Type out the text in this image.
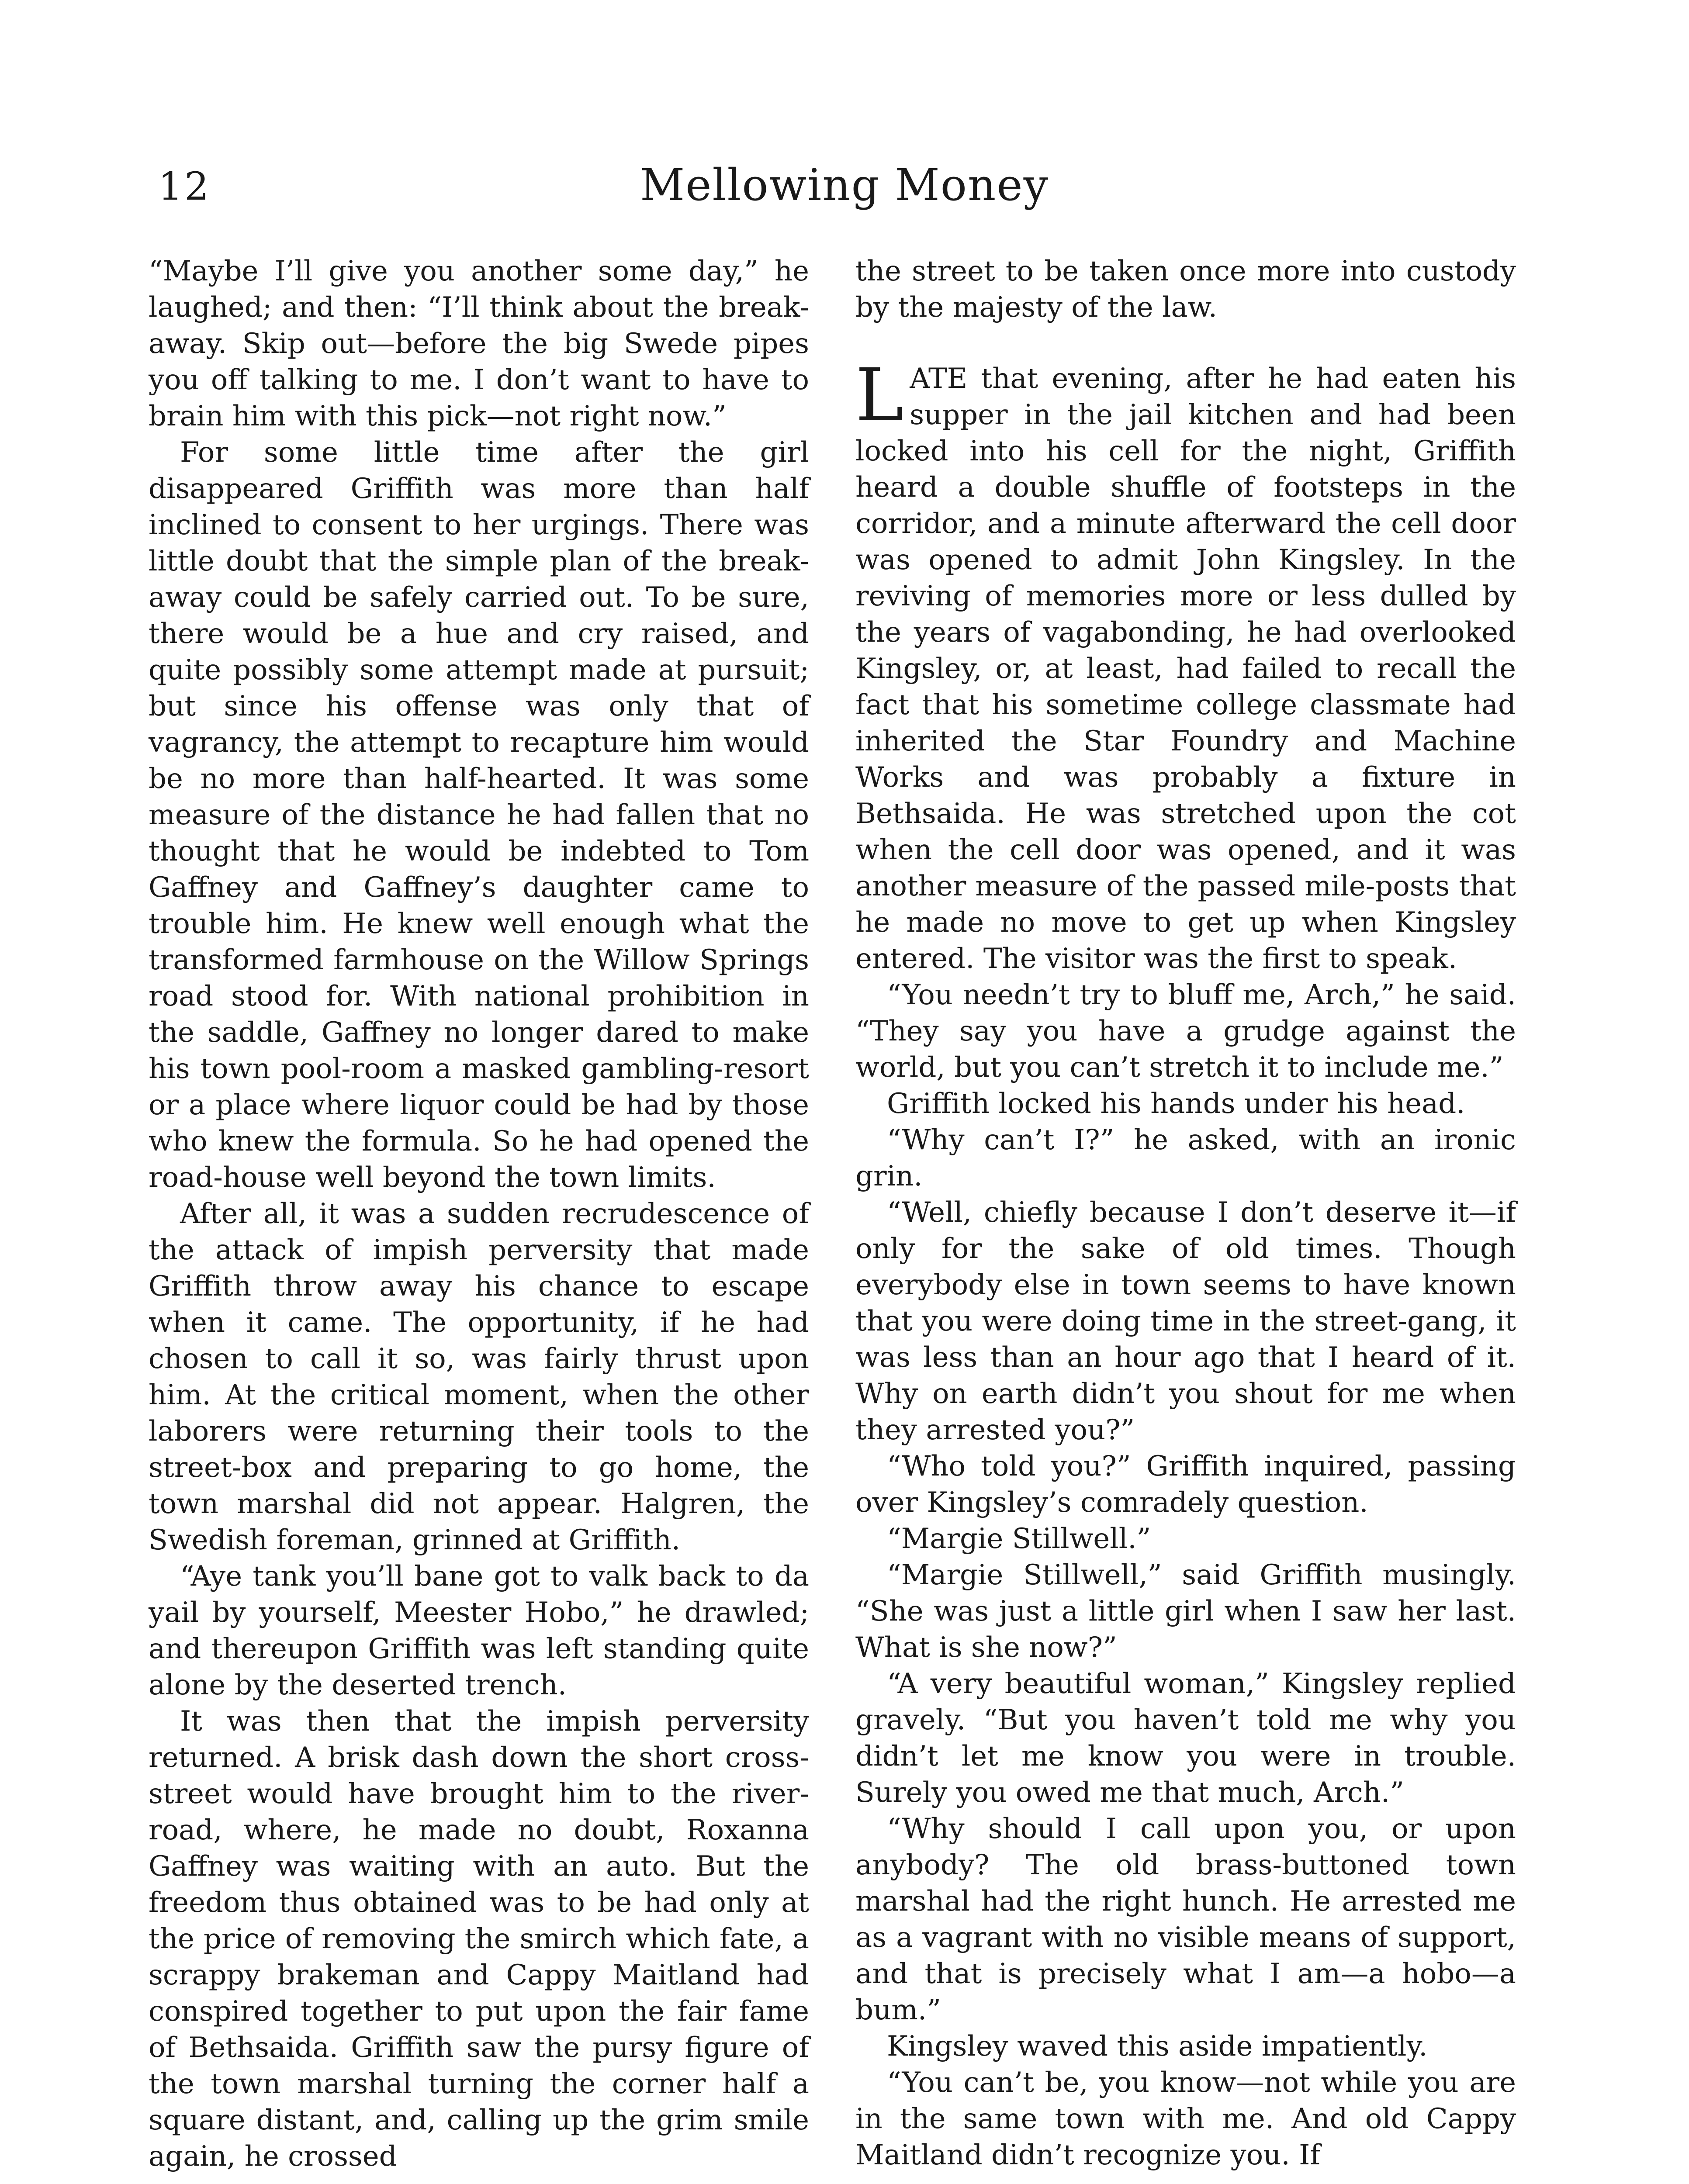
12	Mellowing Money

“Maybe I’ll give you another some day,” he laughed; and then: “I’ll think about the break-away. Skip out—before the big Swede pipes you off talking to me. I don’t want to have to brain him with this pick—not right now.”

For some little time after the girl disappeared Griffith was more than half inclined to consent to her urgings. There was little doubt that the simple plan of the break-away could be safely carried out. To be sure, there would be a hue and cry raised, and quite possibly some attempt made at pursuit; but since his offense was only that of vagrancy, the attempt to recapture him would be no more than half-hearted. It was some measure of the distance he had fallen that no thought that he would be indebted to Tom Gaffney and Gaffney’s daughter came to trouble him. He knew well enough what the transformed farmhouse on the Willow Springs road stood for. With national prohibition in the saddle, Gaffney no longer dared to make his town pool-room a masked gambling-resort or a place where liquor could be had by those who knew the formula. So he had opened the road-house well beyond the town limits.

After all, it was a sudden recrudescence of the attack of impish perversity that made Griffith throw away his chance to escape when it came. The opportunity, if he had chosen to call it so, was fairly thrust upon him. At the critical moment, when the other laborers were returning their tools to the street-box and preparing to go home, the town marshal did not appear. Halgren, the Swedish foreman, grinned at Griffith.

“Aye tank you’ll bane got to valk back to da yail by yourself, Meester Hobo,” he drawled; and thereupon Griffith was left standing quite alone by the deserted trench.

It was then that the impish perversity returned. A brisk dash down the short cross-street would have brought him to the river-road, where, he made no doubt, Roxanna Gaffney was waiting with an auto. But the freedom thus obtained was to be had only at the price of removing the smirch which fate, a scrappy brakeman and Cappy Maitland had conspired together to put upon the fair fame of Bethsaida. Griffith saw the pursy figure of the town marshal turning the corner half a square distant, and, calling up the grim smile again, he crossed

the street to be taken once more into custody by the majesty of the law.

LATE that evening, after he had eaten his supper in the jail kitchen and had been locked into his cell for the night, Griffith heard a double shuffle of footsteps in the corridor, and a minute afterward the cell door was opened to admit John Kingsley. In the reviving of memories more or less dulled by the years of vagabonding, he had overlooked Kingsley, or, at least, had failed to recall the fact that his sometime college classmate had inherited the Star Foundry and Machine Works and was probably a fixture in Bethsaida. He was stretched upon the cot when the cell door was opened, and it was another measure of the passed mile-posts that he made no move to get up when Kingsley entered. The visitor was the first to speak.

“You needn’t try to bluff me, Arch,” he said. “They say you have a grudge against the world, but you can’t stretch it to include me.”

Griffith locked his hands under his head.

“Why can’t I?” he asked, with an ironic grin.

“Well, chiefly because I don’t deserve it—if only for the sake of old times. Though everybody else in town seems to have known that you were doing time in the street-gang, it was less than an hour ago that I heard of it. Why on earth didn’t you shout for me when they arrested you?”

“Who told you?” Griffith inquired, passing over Kingsley’s comradely question.

“Margie Stillwell.”

“Margie Stillwell,” said Griffith musingly. “She was just a little girl when I saw her last. What is she now?”

“A very beautiful woman,” Kingsley replied gravely. “But you haven’t told me why you didn’t let me know you were in trouble. Surely you owed me that much, Arch.”

“Why should I call upon you, or upon anybody? The old brass-buttoned town marshal had the right hunch. He arrested me as a vagrant with no visible means of support, and that is precisely what I am—a hobo—a bum.”

Kingsley waved this aside impatiently.

“You can’t be, you know—not while you are in the same town with me. And old Cappy Maitland didn’t recognize you. If
